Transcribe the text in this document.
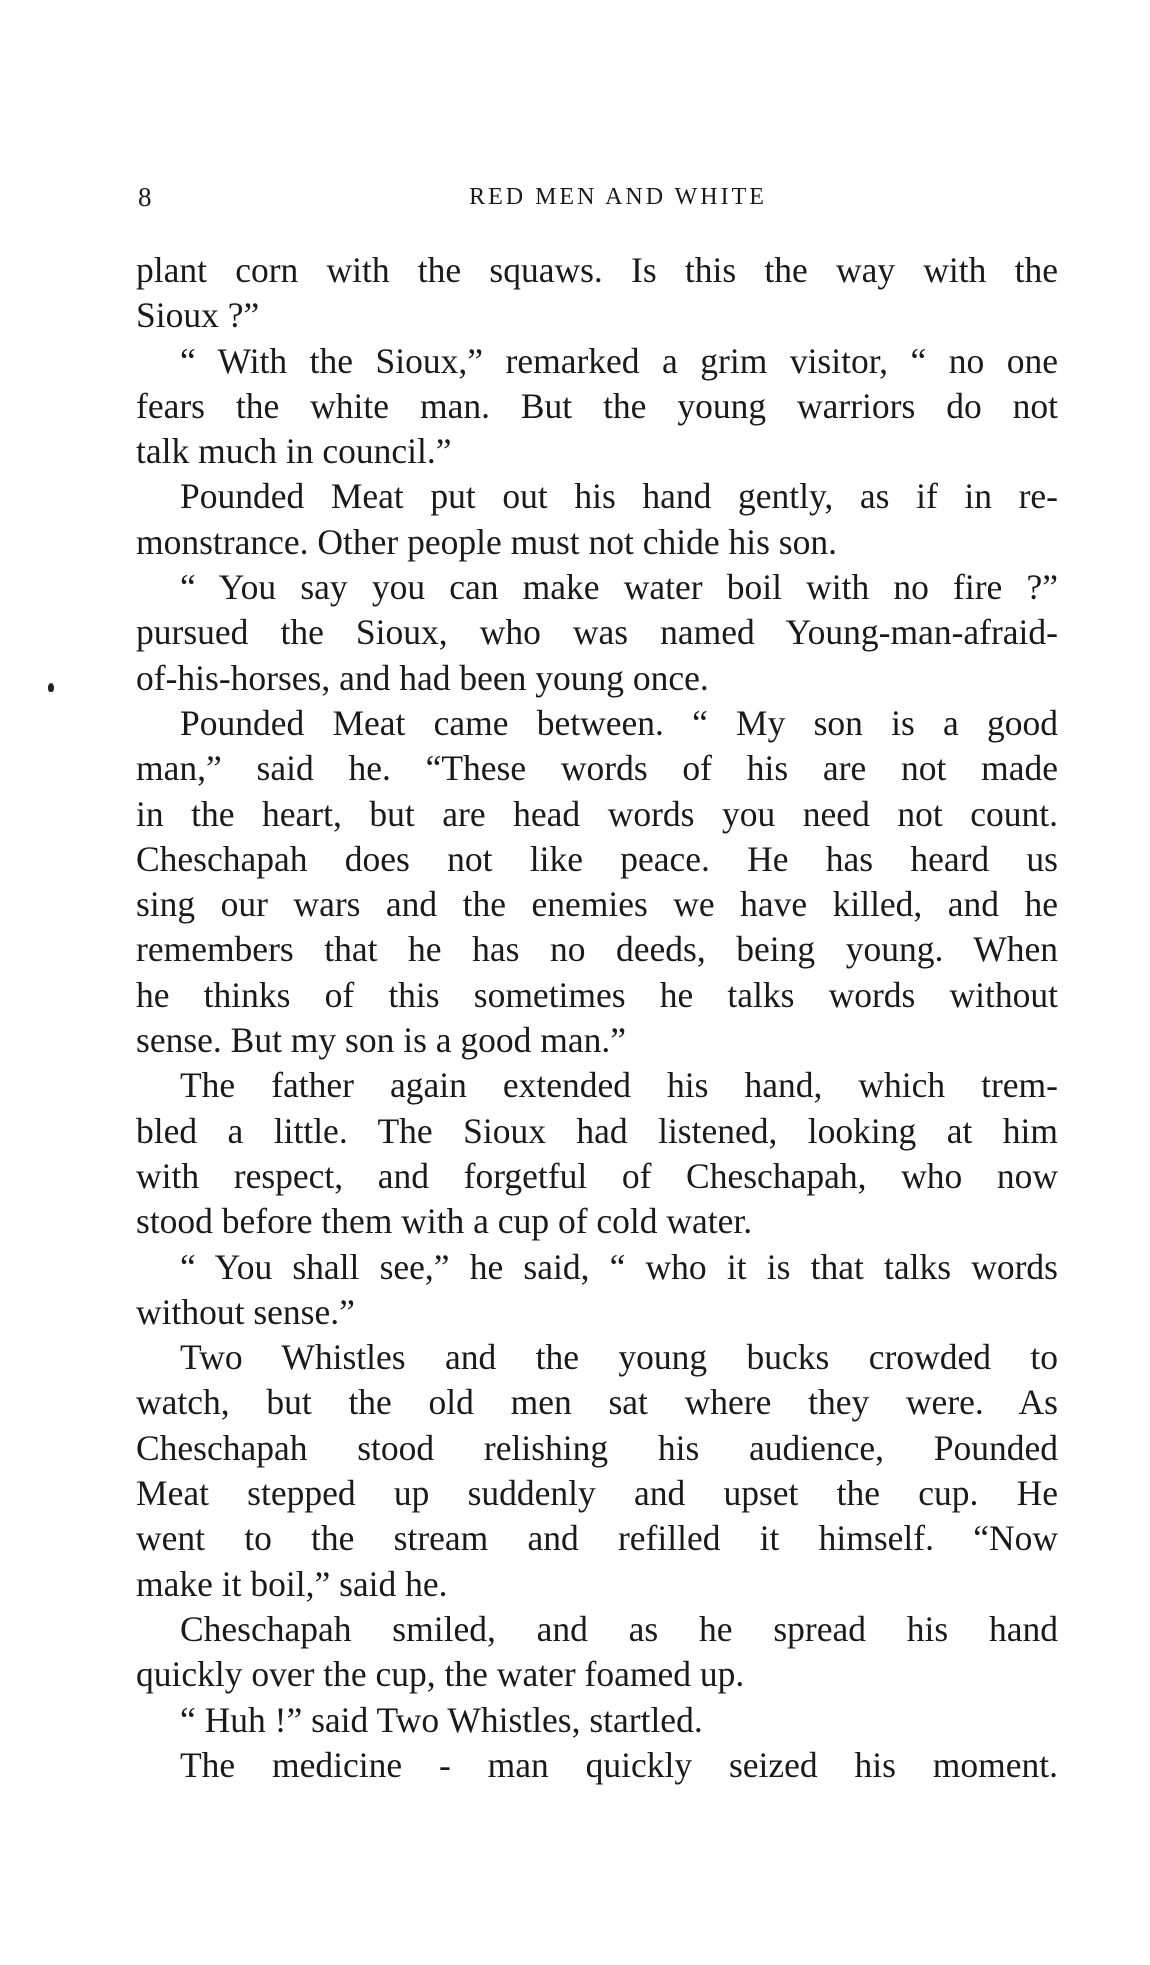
8	RED MEN AND WHITE
plant corn with the squaws. Is this the way with the
Sioux ?”
“ With the Sioux,” remarked a grim visitor, “ no one
fears the white man. But the young warriors do not
talk much in council.”
Pounded Meat put out his hand gently, as if in re-
monstrance. Other people must not chide his son.
“ You say you can make water boil with no fire ?”
pursued the Sioux, who was named Young-man-afraid-
of-his-horses, and had been young once.
Pounded Meat came between. “ My son is a good
man,” said he. “These words of his are not made
in the heart, but are head words you need not count.
Cheschapah does not like peace. He has heard us
sing our wars and the enemies we have killed, and he
remembers that he has no deeds, being young. When
he thinks of this sometimes he talks words without
sense. But my son is a good man.”
The father again extended his hand, which trem-
bled a little. The Sioux had listened, looking at him
with respect, and forgetful of Cheschapah, who now
stood before them with a cup of cold water.
“ You shall see,” he said, “ who it is that talks words
without sense.”
Two Whistles and the young bucks crowded to
watch, but the old men sat where they were. As
Cheschapah stood relishing his audience, Pounded
Meat stepped up suddenly and upset the cup. He
went to the stream and refilled it himself. “Now
make it boil,” said he.
Cheschapah smiled, and as he spread his hand
quickly over the cup, the water foamed up.
“ Huh !” said Two Whistles, startled.
The medicine - man quickly seized his moment.
